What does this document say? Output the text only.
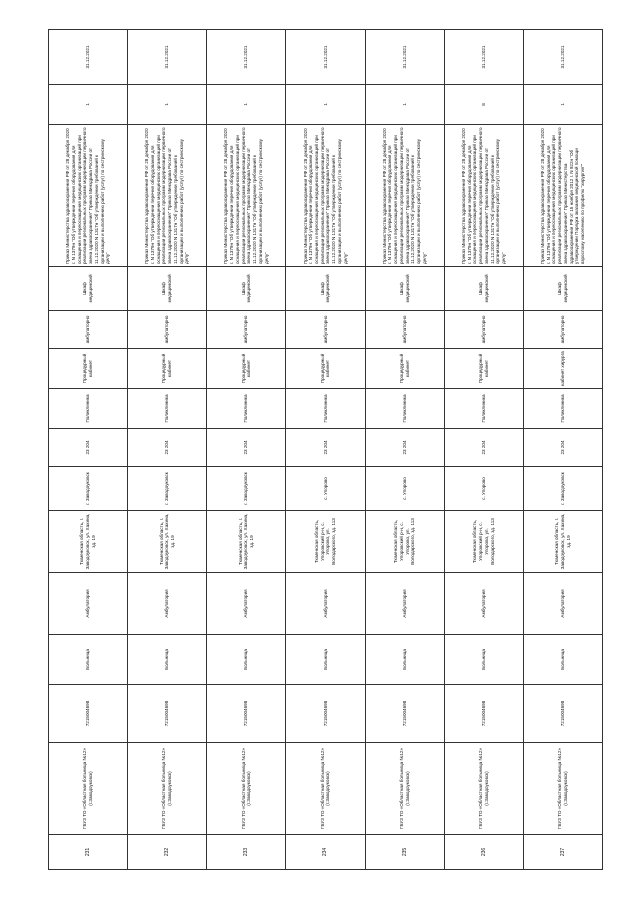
231	ГБУЗ ТО «Областная больница №12» (г.Заводоуковск)	7215004698	Больница	Амбулатория	Тюменская область, г. Заводоуковск, ул. Хахина, зд. 19	г. Заводоуковск	23 204	Поликлиника	Процедурный кабинет	амбулаторно	Шкаф медицинский	Приказ Министерства здравоохранения РФ от 28 декабря 2020 г. N 1379н "Об утверждении перечня оборудования для оснащения и переоснащения медицинских организаций при реализации региональных программ модернизации первичного звена здравоохранения" Приказ Минздрава России от 11.12.2020 N 1317н "Об утверждении требований к организации и выполнению работ (услуг) по сестринскому делу"	1	31.12.2021
232	ГБУЗ ТО «Областная больница №12» (г.Заводоуковск)	7215004698	Больница	Амбулатория	Тюменская область, г. Заводоуковск, ул. Хахина, зд. 19	г. Заводоуковск	23 204	Поликлиника	Процедурный кабинет	амбулаторно	Шкаф медицинский	Приказ Министерства здравоохранения РФ от 28 декабря 2020 г. N 1379н "Об утверждении перечня оборудования для оснащения и переоснащения медицинских организаций при реализации региональных программ модернизации первичного звена здравоохранения" Приказ Минздрава России от 11.12.2020 N 1317н "Об утверждении требований к организации и выполнению работ (услуг) по сестринскому делу"	1	31.12.2021
233	ГБУЗ ТО «Областная больница №12» (г.Заводоуковск)	7215004698	Больница	Амбулатория	Тюменская область, г. Заводоуковск, ул. Хахина, зд. 19	г. Заводоуковск	23 204	Поликлиника	Процедурный кабинет	амбулаторно	Шкаф медицинский	Приказ Министерства здравоохранения РФ от 28 декабря 2020 г. N 1379н "Об утверждении перечня оборудования для оснащения и переоснащения медицинских организаций при реализации региональных программ модернизации первичного звена здравоохранения" Приказ Минздрава России от 11.12.2020 N 1317н "Об утверждении требований к организации и выполнению работ (услуг) по сестринскому делу"	1	31.12.2021
234	ГБУЗ ТО «Областная больница №12» (г.Заводоуковск)	7215004698	Больница	Амбулатория	Тюменская область, Упоровский р-н, с. Упорово, ул. Володарского, зд. 113	с. Упорово	23 204	Поликлиника	Процедурный кабинет	амбулаторно	Шкаф медицинский	Приказ Министерства здравоохранения РФ от 28 декабря 2020 г. N 1379н "Об утверждении перечня оборудования для оснащения и переоснащения медицинских организаций при реализации региональных программ модернизации первичного звена здравоохранения" Приказ Минздрава России от 11.12.2020 N 1317н "Об утверждении требований к организации и выполнению работ (услуг) по сестринскому делу"	1	31.12.2021
235	ГБУЗ ТО «Областная больница №12» (г.Заводоуковск)	7215004698	Больница	Амбулатория	Тюменская область, Упоровский р-н, с. Упорово, ул. Володарского, зд. 113	с. Упорово	23 204	Поликлиника	Процедурный кабинет	амбулаторно	Шкаф медицинский	Приказ Министерства здравоохранения РФ от 28 декабря 2020 г. N 1379н "Об утверждении перечня оборудования для оснащения и переоснащения медицинских организаций при реализации региональных программ модернизации первичного звена здравоохранения" Приказ Минздрава России от 11.12.2020 N 1317н "Об утверждении требований к организации и выполнению работ (услуг) по сестринскому делу"	1	31.12.2021
236	ГБУЗ ТО «Областная больница №12» (г.Заводоуковск)	7215004698	Больница	Амбулатория	Тюменская область, Упоровский р-н, с. Упорово, ул. Володарского, зд. 113	с. Упорово	23 204	Поликлиника	Процедурный кабинет	амбулаторно	Шкаф медицинский	Приказ Министерства здравоохранения РФ от 28 декабря 2020 г. N 1379н "Об утверждении перечня оборудования для оснащения и переоснащения медицинских организаций при реализации региональных программ модернизации первичного звена здравоохранения" Приказ Минздрава России от 11.12.2020 N 1317н "Об утверждении требований к организации и выполнению работ (услуг) по сестринскому делу"	8	31.12.2021
237	ГБУЗ ТО «Областная больница №12» (г.Заводоуковск)	7215004698	Больница	Амбулатория	Тюменская область, г. Заводоуковск, ул. Хахина, зд. 19	г. Заводоуковск	23 204	Поликлиника	кабинет хирурга	амбулаторно	Шкаф медицинский	Приказ Министерства здравоохранения РФ от 28 декабря 2020 г. N 1379н "Об утверждении перечня оборудования для оснащения и переоснащения медицинских организаций при реализации региональных программ модернизации первичного звена здравоохранения" Приказ Министерства здравоохранения РФ от 15 ноября 2012 г. N 922н "Об утверждении Порядка оказания медицинской помощи взрослому населению по профилю "хирургия""	1	31.12.2021
